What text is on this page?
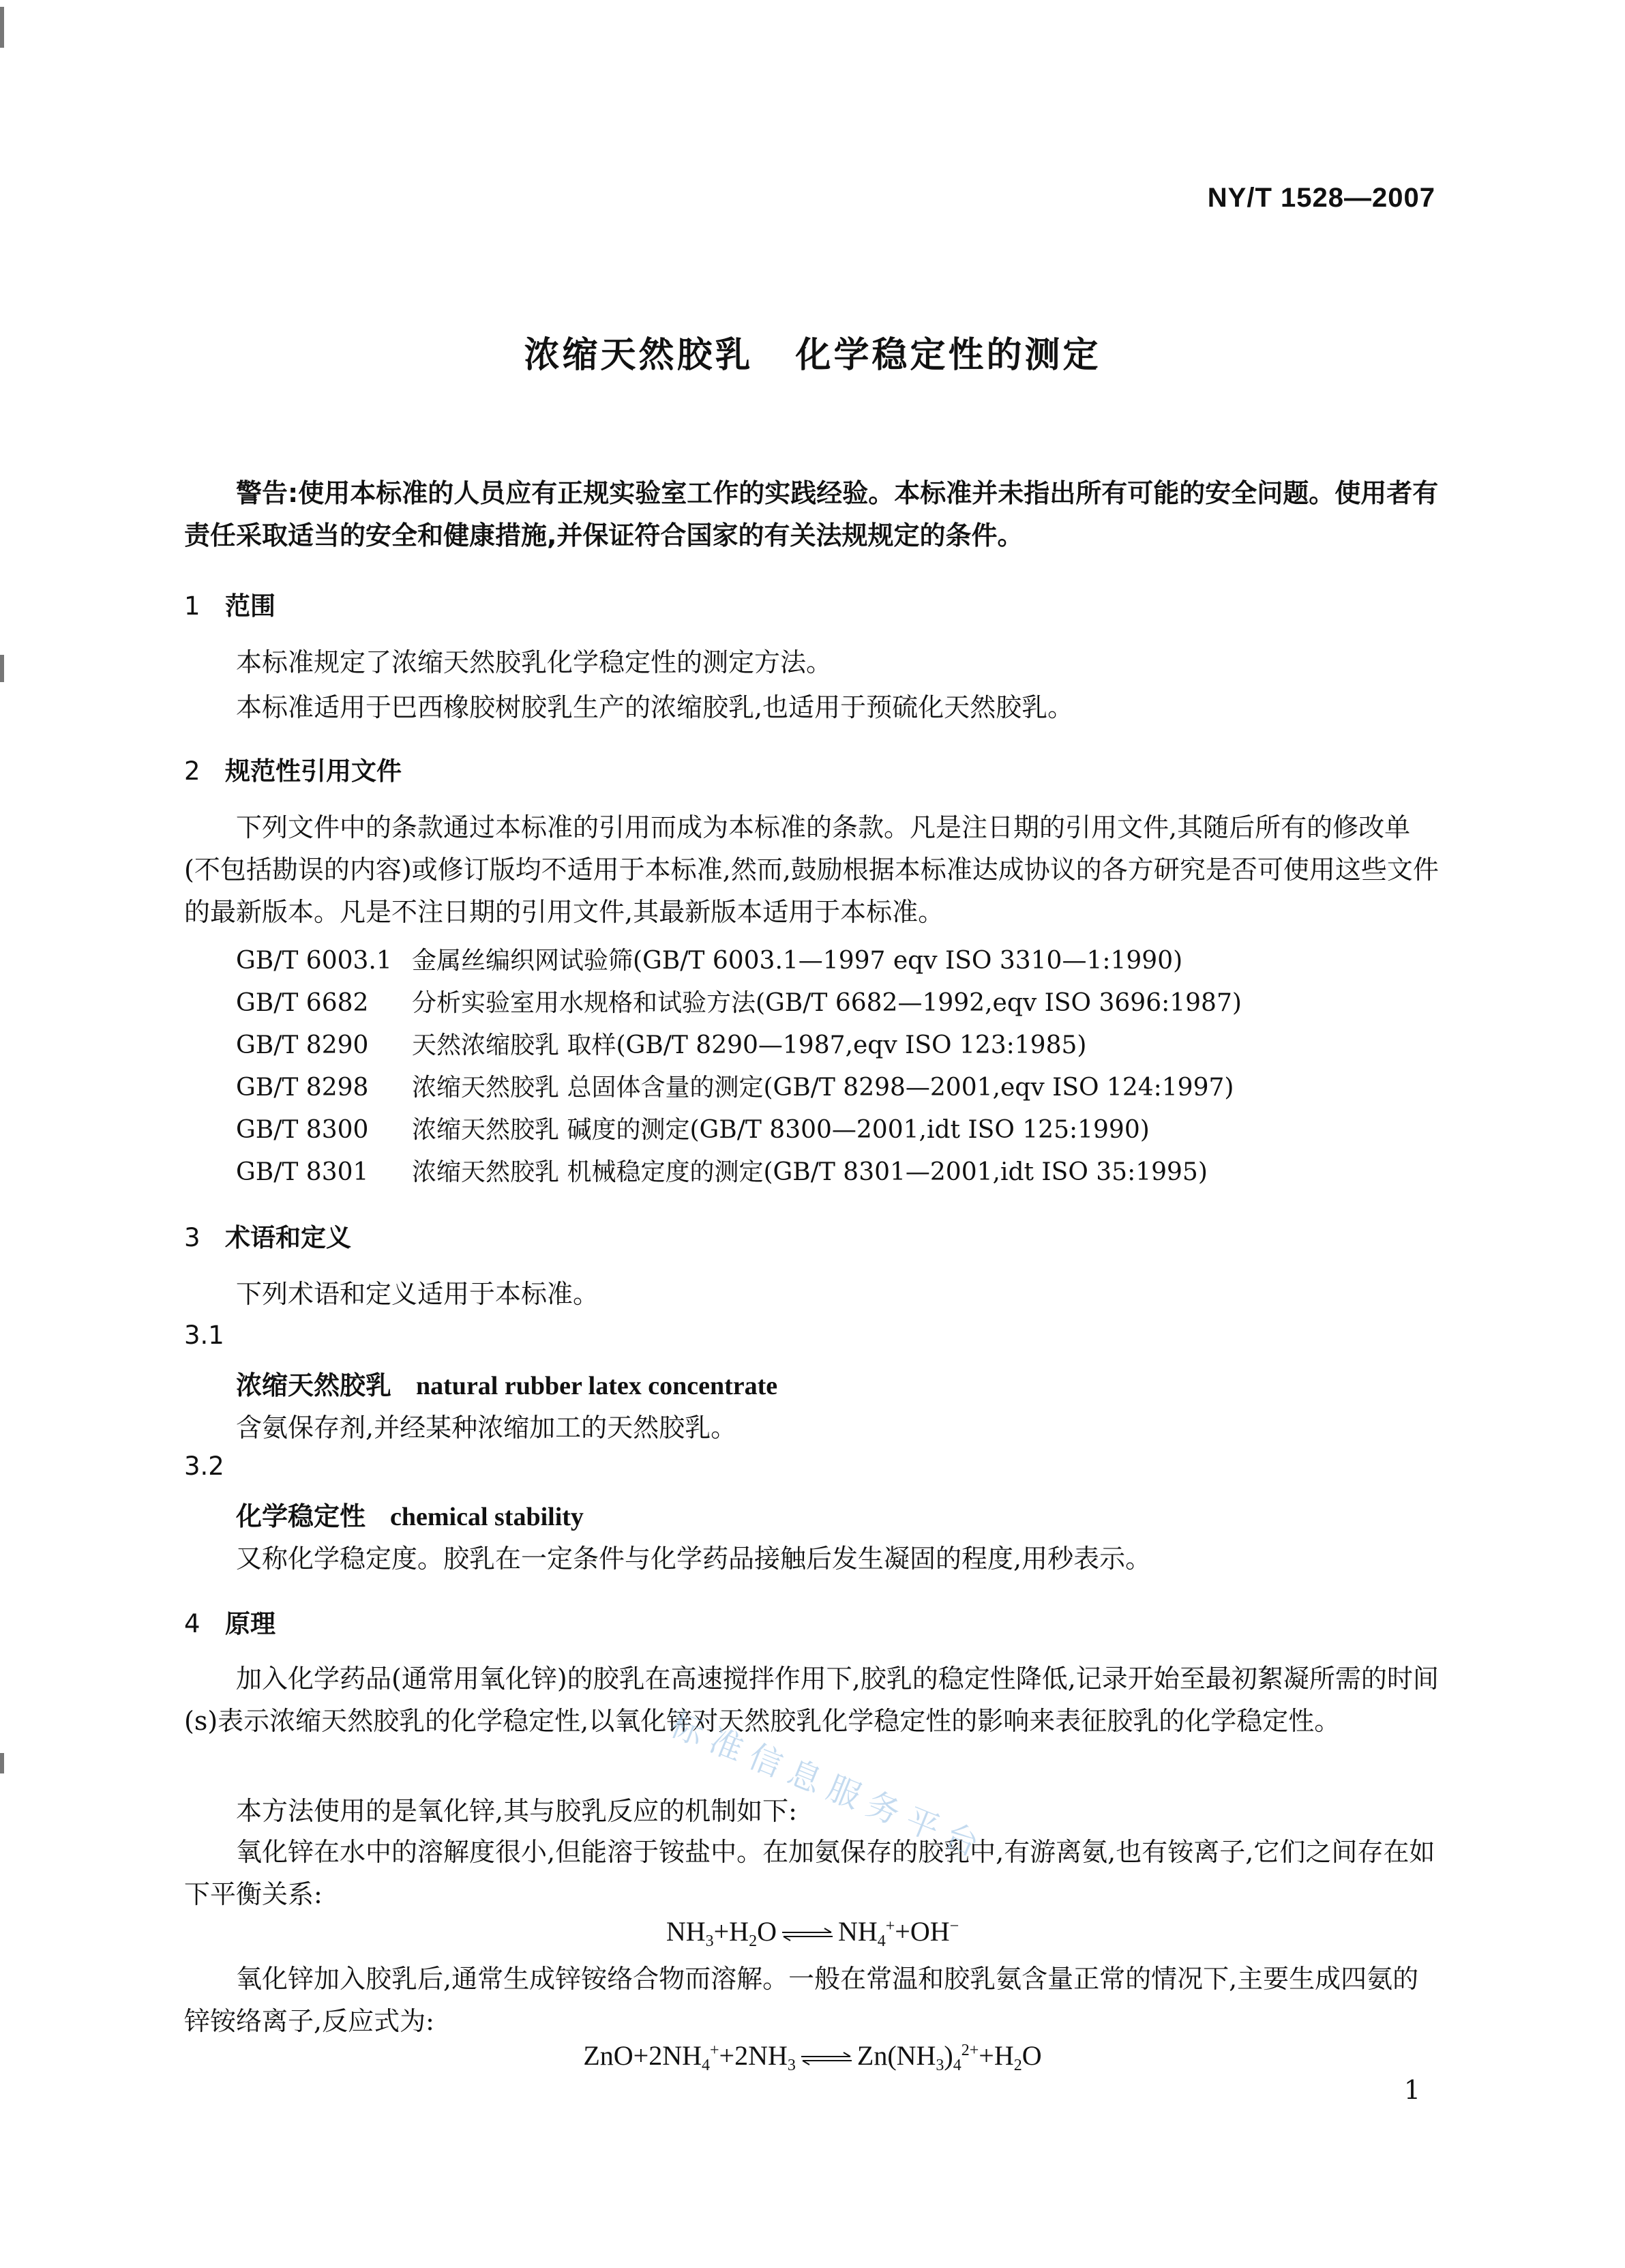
NY/T 1528—2007
浓缩天然胶乳 化学稳定性的测定
警告:使用本标准的人员应有正规实验室工作的实践经验。本标准并未指出所有可能的安全问题。使用者有责任采取适当的安全和健康措施,并保证符合国家的有关法规规定的条件。
1 范围
本标准规定了浓缩天然胶乳化学稳定性的测定方法。
本标准适用于巴西橡胶树胶乳生产的浓缩胶乳,也适用于预硫化天然胶乳。
2 规范性引用文件
下列文件中的条款通过本标准的引用而成为本标准的条款。凡是注日期的引用文件,其随后所有的修改单(不包括勘误的内容)或修订版均不适用于本标准,然而,鼓励根据本标准达成协议的各方研究是否可使用这些文件的最新版本。凡是不注日期的引用文件,其最新版本适用于本标准。
GB/T 6003.1 金属丝编织网试验筛(GB/T 6003.1—1997 eqv ISO 3310—1:1990)
GB/T 6682 分析实验室用水规格和试验方法(GB/T 6682—1992,eqv ISO 3696:1987)
GB/T 8290 天然浓缩胶乳 取样(GB/T 8290—1987,eqv ISO 123:1985)
GB/T 8298 浓缩天然胶乳 总固体含量的测定(GB/T 8298—2001,eqv ISO 124:1997)
GB/T 8300 浓缩天然胶乳 碱度的测定(GB/T 8300—2001,idt ISO 125:1990)
GB/T 8301 浓缩天然胶乳 机械稳定度的测定(GB/T 8301—2001,idt ISO 35:1995)
3 术语和定义
下列术语和定义适用于本标准。
3.1
浓缩天然胶乳 natural rubber latex concentrate
含氨保存剂,并经某种浓缩加工的天然胶乳。
3.2
化学稳定性 chemical stability
又称化学稳定度。胶乳在一定条件与化学药品接触后发生凝固的程度,用秒表示。
4 原理
加入化学药品(通常用氧化锌)的胶乳在高速搅拌作用下,胶乳的稳定性降低,记录开始至最初絮凝所需的时间(s)表示浓缩天然胶乳的化学稳定性,以氧化锌对天然胶乳化学稳定性的影响来表征胶乳的化学稳定性。
本方法使用的是氧化锌,其与胶乳反应的机制如下:
氧化锌在水中的溶解度很小,但能溶于铵盐中。在加氨保存的胶乳中,有游离氨,也有铵离子,它们之间存在如下平衡关系:
$NH_3+H_2O$ ⇌ $NH_4^++OH^-$
氧化锌加入胶乳后,通常生成锌铵络合物而溶解。一般在常温和胶乳氨含量正常的情况下,主要生成四氨的锌铵络离子,反应式为:
$ZnO+2NH_4^++2NH_3$ ⇌ $Zn(NH_3)_4^{2+}+H_2O$
标准信息服务平台
1
